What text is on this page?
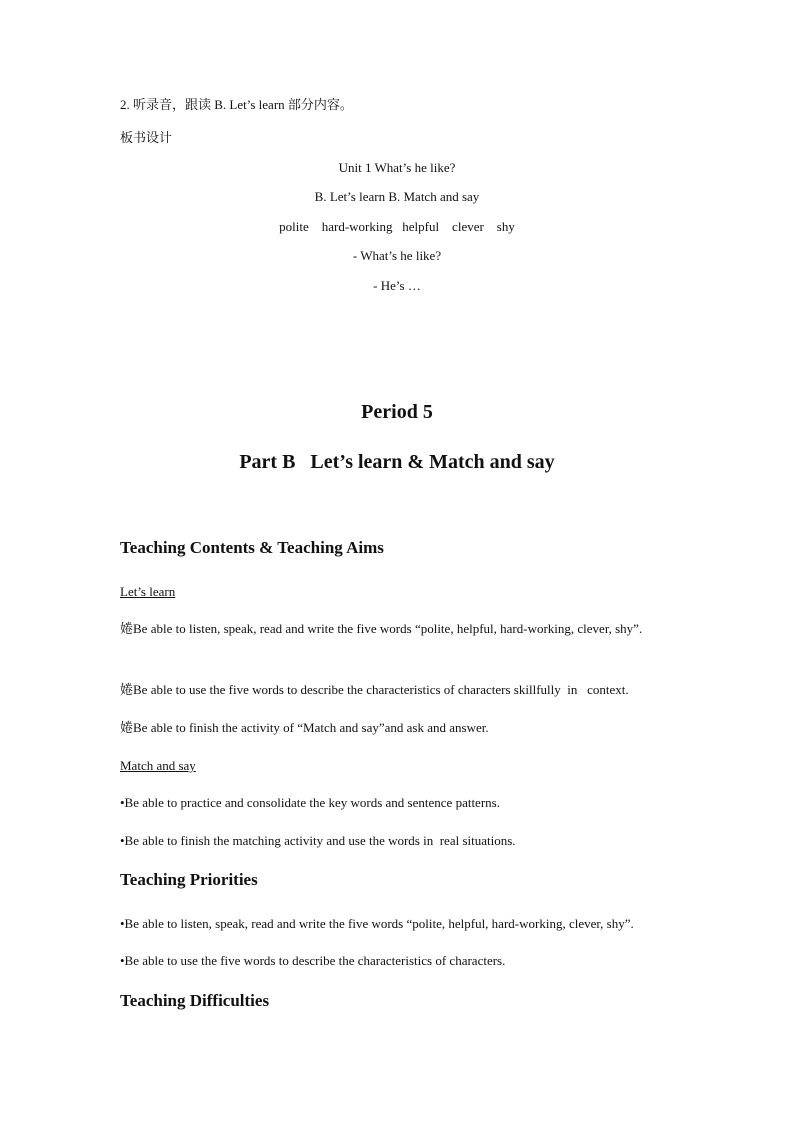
2. 听录音，跟读 B. Let’s learn 部分内容。
板书设计
Unit 1 What’s he like?
B. Let’s learn B. Match and say
polite    hard-working   helpful    clever    shy
- What’s he like?
- He’s …
Period 5
Part B   Let’s learn & Match and say
Teaching Contents & Teaching Aims
Let’s learn
婘Be able to listen, speak, read and write the five words “polite, helpful, hard-working, clever, shy”.
婘Be able to use the five words to describe the characteristics of characters skillfully  in   context.
婘Be able to finish the activity of “Match and say”and ask and answer.
Match and say
•Be able to practice and consolidate the key words and sentence patterns.
•Be able to finish the matching activity and use the words in  real situations.
Teaching Priorities
•Be able to listen, speak, read and write the five words “polite, helpful, hard-working, clever, shy”.
•Be able to use the five words to describe the characteristics of characters.
Teaching Difficulties
